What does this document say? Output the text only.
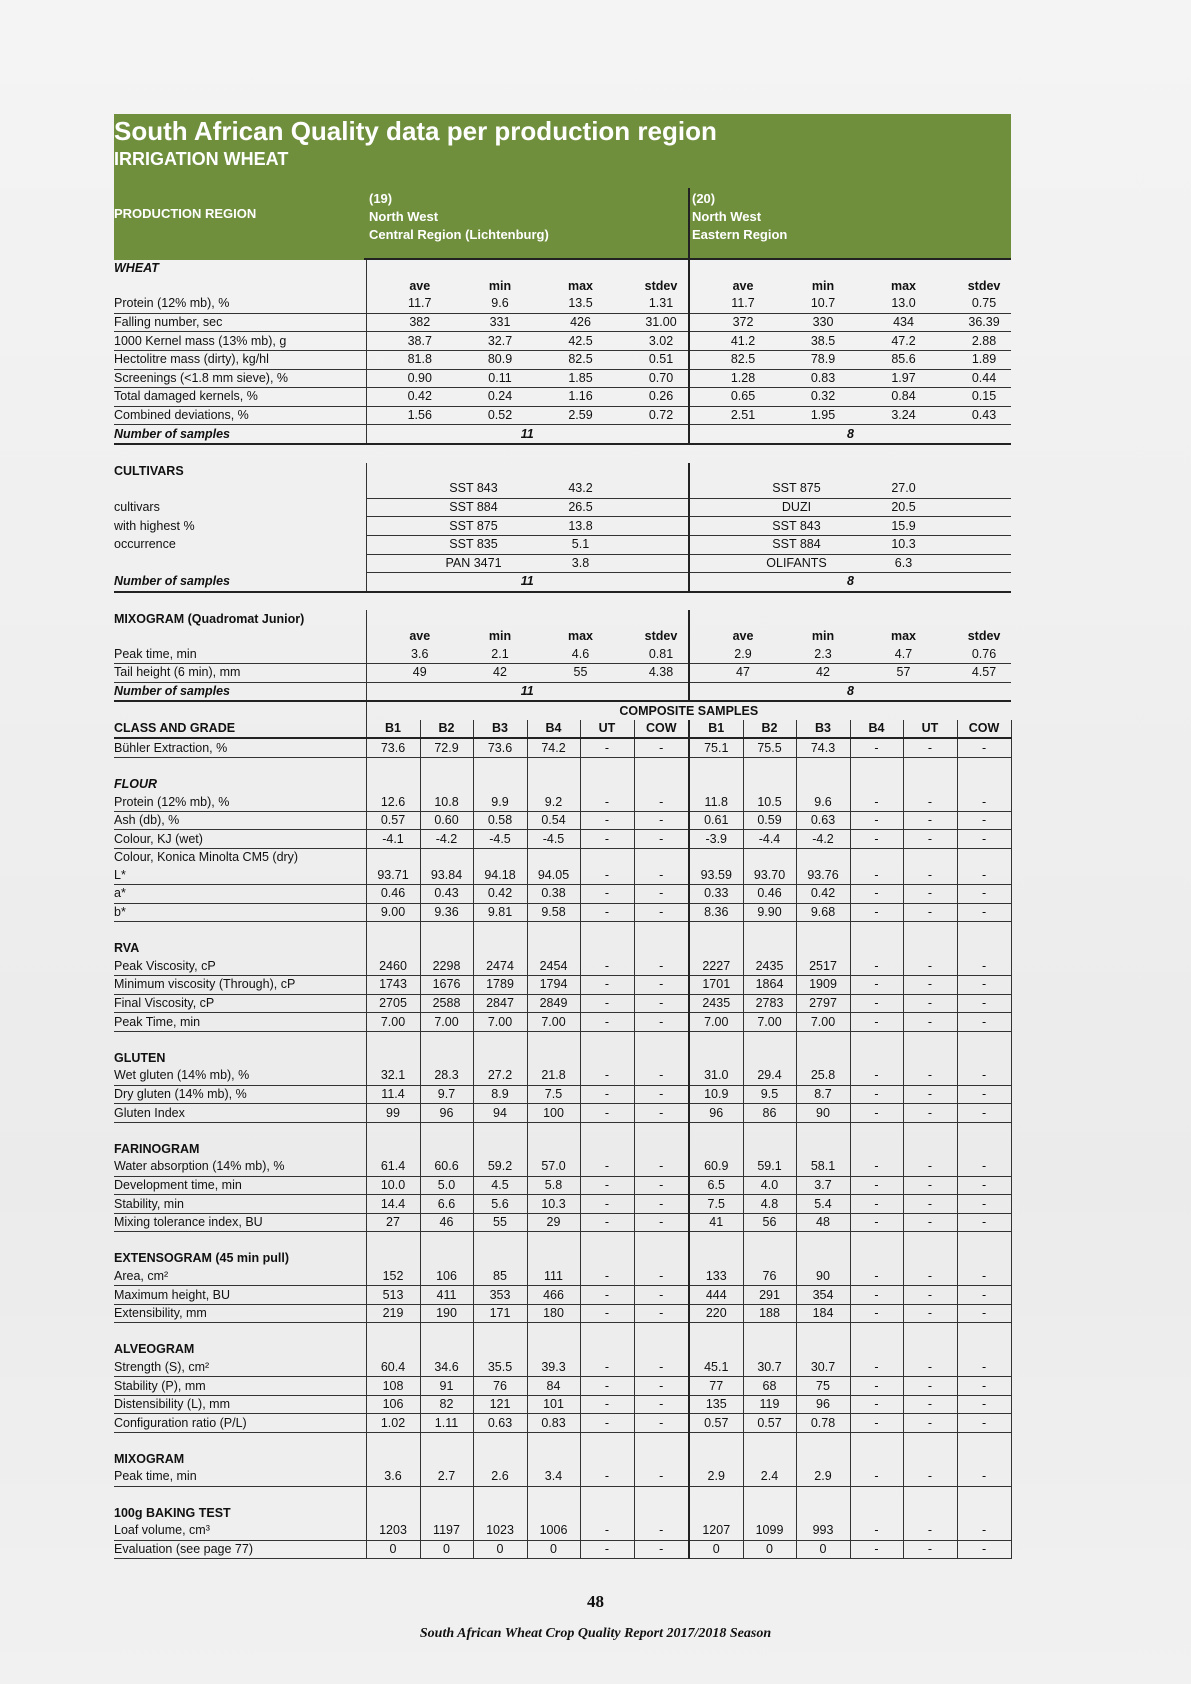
South African Quality data per production region
IRRIGATION WHEAT
PRODUCTION REGION
(19)
North West
Central Region (Lichtenburg)
(20)
North West
Eastern Region
WHEAT												
	ave		min	max		stdev	ave		min	max		stdev
Protein (12% mb), %	11.7		9.6	13.5		1.31	11.7		10.7	13.0		0.75
Falling number, sec	382		331	426		31.00	372		330	434		36.39
1000 Kernel mass (13% mb), g	38.7		32.7	42.5		3.02	41.2		38.5	47.2		2.88
Hectolitre mass (dirty), kg/hl	81.8		80.9	82.5		0.51	82.5		78.9	85.6		1.89
Screenings (<1.8 mm sieve), %	0.90		0.11	1.85		0.70	1.28		0.83	1.97		0.44
Total damaged kernels, %	0.42		0.24	1.16		0.26	0.65		0.32	0.84		0.15
Combined deviations, %	1.56		0.52	2.59		0.72	2.51		1.95	3.24		0.43
Number of samples	11						8					

CULTIVARS												
		SST 843		43.2				SST 875		27.0		
cultivars		SST 884		26.5				DUZI		20.5		
with highest %		SST 875		13.8				SST 843		15.9		
occurrence		SST 835		5.1				SST 884		10.3		
		PAN 3471		3.8				OLIFANTS		6.3		
Number of samples	11						8					

MIXOGRAM (Quadromat Junior)												
	ave		min	max		stdev	ave		min	max		stdev
Peak time, min	3.6		2.1	4.6		0.81	2.9		2.3	4.7		0.76
Tail height (6 min), mm	49		42	55		4.38	47		42	57		4.57
Number of samples	11						8					
	COMPOSITE SAMPLES											
CLASS AND GRADE	B1	B2	B3	B4	UT	COW	B1	B2	B3	B4	UT	COW
Bühler Extraction, %	73.6	72.9	73.6	74.2	-	-	75.1	75.5	74.3	-	-	-

FLOUR												
Protein (12% mb), %	12.6	10.8	9.9	9.2	-	-	11.8	10.5	9.6	-	-	-
Ash (db), %	0.57	0.60	0.58	0.54	-	-	0.61	0.59	0.63	-	-	-
Colour, KJ (wet)	-4.1	-4.2	-4.5	-4.5	-	-	-3.9	-4.4	-4.2	-	-	-
Colour, Konica Minolta CM5 (dry)												
L*	93.71	93.84	94.18	94.05	-	-	93.59	93.70	93.76	-	-	-
a*	0.46	0.43	0.42	0.38	-	-	0.33	0.46	0.42	-	-	-
b*	9.00	9.36	9.81	9.58	-	-	8.36	9.90	9.68	-	-	-

RVA												
Peak Viscosity, cP	2460	2298	2474	2454	-	-	2227	2435	2517	-	-	-
Minimum viscosity (Through), cP	1743	1676	1789	1794	-	-	1701	1864	1909	-	-	-
Final Viscosity, cP	2705	2588	2847	2849	-	-	2435	2783	2797	-	-	-
Peak Time, min	7.00	7.00	7.00	7.00	-	-	7.00	7.00	7.00	-	-	-

GLUTEN												
Wet gluten (14% mb), %	32.1	28.3	27.2	21.8	-	-	31.0	29.4	25.8	-	-	-
Dry gluten (14% mb), %	11.4	9.7	8.9	7.5	-	-	10.9	9.5	8.7	-	-	-
Gluten Index	99	96	94	100	-	-	96	86	90	-	-	-

FARINOGRAM												
Water absorption (14% mb), %	61.4	60.6	59.2	57.0	-	-	60.9	59.1	58.1	-	-	-
Development time, min	10.0	5.0	4.5	5.8	-	-	6.5	4.0	3.7	-	-	-
Stability, min	14.4	6.6	5.6	10.3	-	-	7.5	4.8	5.4	-	-	-
Mixing tolerance index, BU	27	46	55	29	-	-	41	56	48	-	-	-

EXTENSOGRAM (45 min pull)												
Area, cm²	152	106	85	111	-	-	133	76	90	-	-	-
Maximum height, BU	513	411	353	466	-	-	444	291	354	-	-	-
Extensibility, mm	219	190	171	180	-	-	220	188	184	-	-	-

ALVEOGRAM												
Strength (S), cm²	60.4	34.6	35.5	39.3	-	-	45.1	30.7	30.7	-	-	-
Stability (P), mm	108	91	76	84	-	-	77	68	75	-	-	-
Distensibility (L), mm	106	82	121	101	-	-	135	119	96	-	-	-
Configuration ratio (P/L)	1.02	1.11	0.63	0.83	-	-	0.57	0.57	0.78	-	-	-

MIXOGRAM												
Peak time, min	3.6	2.7	2.6	3.4	-	-	2.9	2.4	2.9	-	-	-

100g BAKING TEST												
Loaf volume, cm³	1203	1197	1023	1006	-	-	1207	1099	993	-	-	-
Evaluation (see page 77)	0	0	0	0	-	-	0	0	0	-	-	-
48
South African Wheat Crop Quality Report 2017/2018 Season
